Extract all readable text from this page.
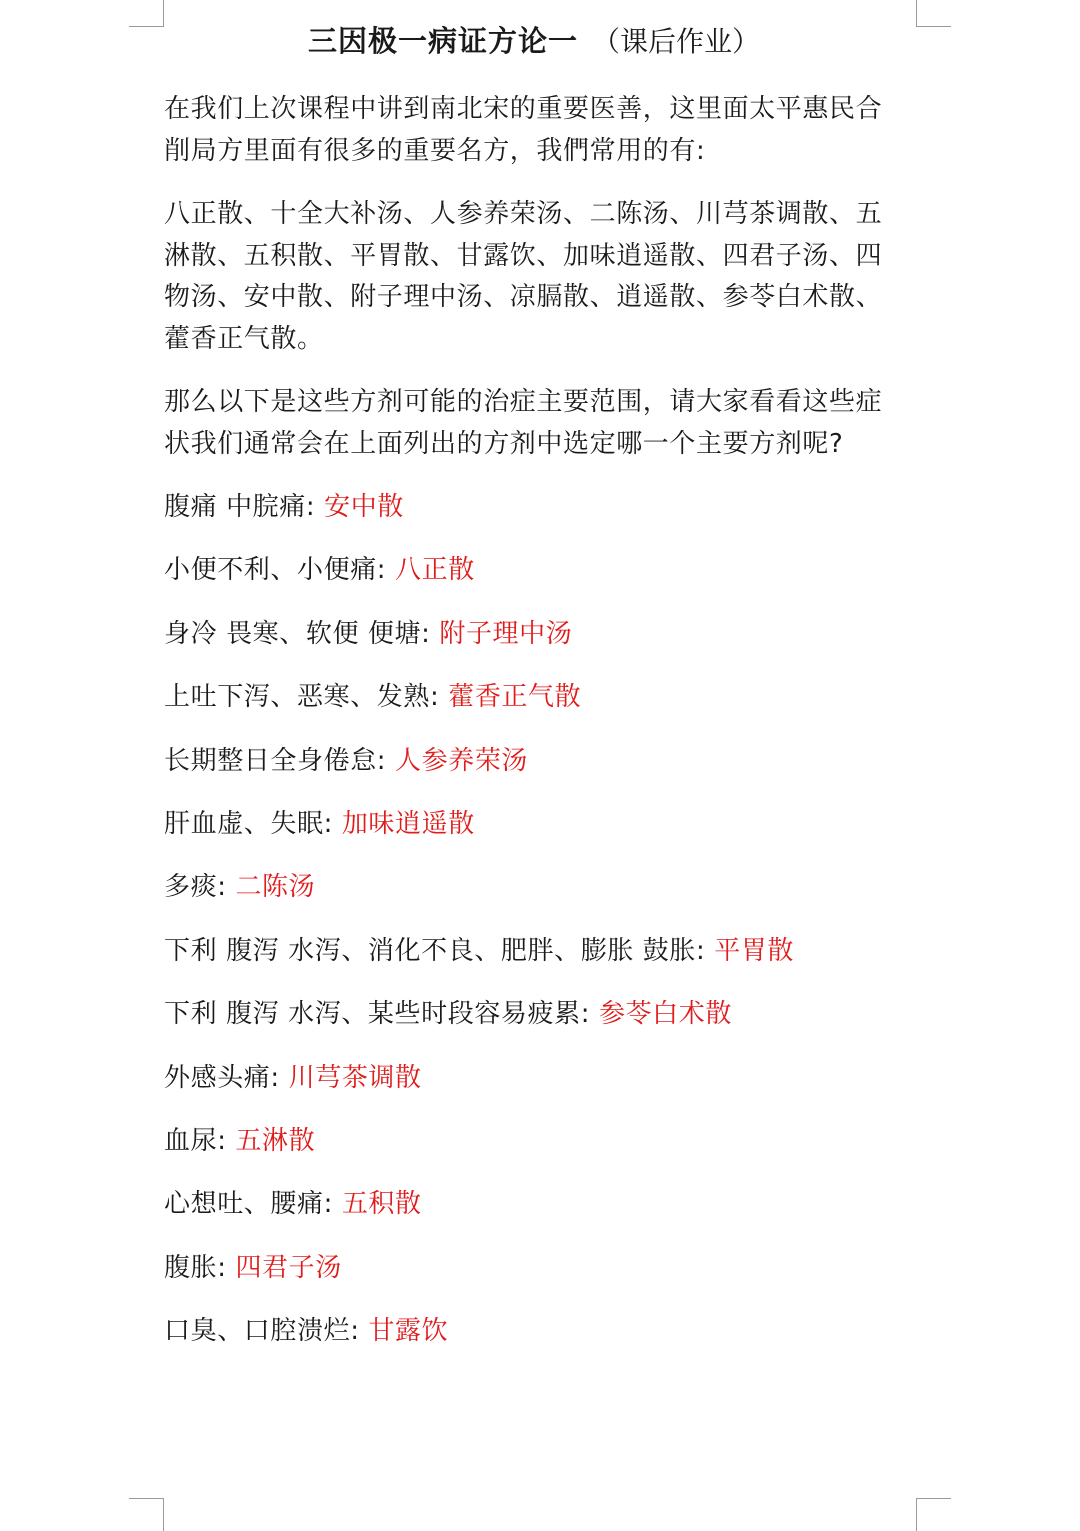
三因极一病证方论一 （课后作业）

在我们上次课程中讲到南北宋的重要医善，这里面太平惠民合削局方里面有很多的重要名方，我們常用的有:

八正散、十全大补汤、人参养荣汤、二陈汤、川芎茶调散、五淋散、五积散、平胃散、甘露饮、加味逍遥散、四君子汤、四物汤、安中散、附子理中汤、凉膈散、逍遥散、参苓白术散、藿香正气散。

那么以下是这些方剂可能的治症主要范围，请大家看看这些症状我们通常会在上面列出的方剂中选定哪一个主要方剂呢?

腹痛 中脘痛: 安中散
小便不利、小便痛: 八正散
身冷 畏寒、软便 便塘: 附子理中汤
上吐下泻、恶寒、发熟: 藿香正气散
长期整日全身倦怠: 人参养荣汤
肝血虚、失眠: 加味逍遥散
多痰: 二陈汤
下利 腹泻 水泻、消化不良、肥胖、膨胀 鼓胀: 平胃散
下利 腹泻 水泻、某些时段容易疲累: 参苓白术散
外感头痛: 川芎茶调散
血尿: 五淋散
心想吐、腰痛: 五积散
腹胀: 四君子汤
口臭、口腔溃烂: 甘露饮
